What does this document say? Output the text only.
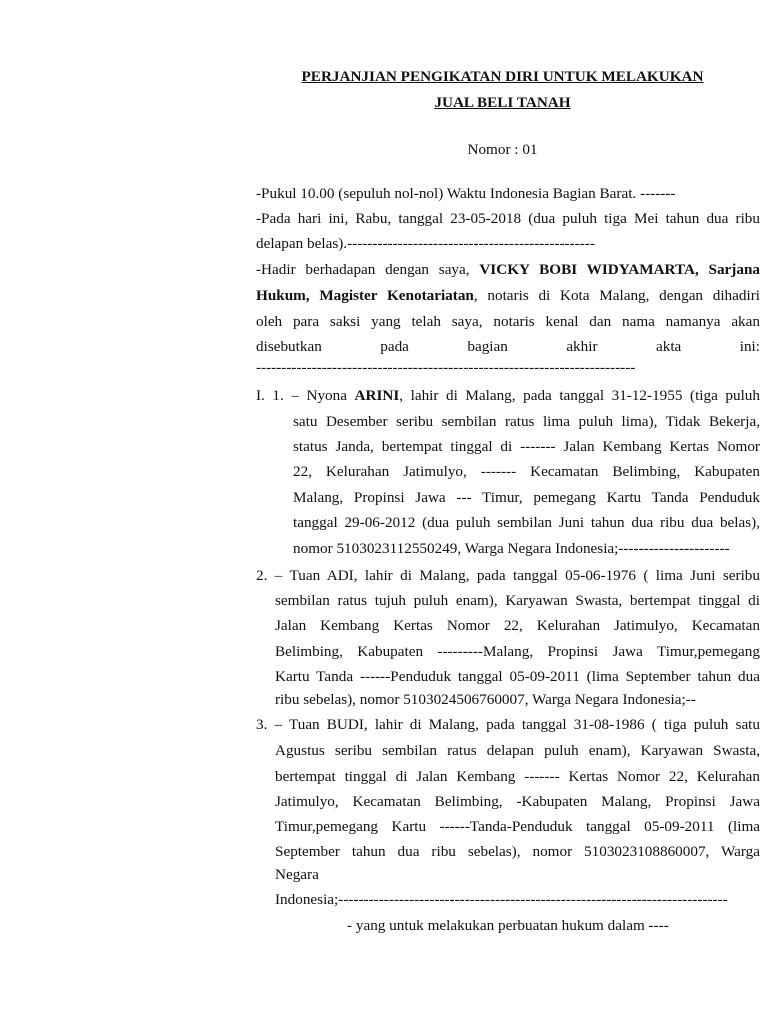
PERJANJIAN PENGIKATAN DIRI UNTUK MELAKUKAN
JUAL BELI TANAH
Nomor : 01
-Pukul 10.00 (sepuluh nol-nol) Waktu Indonesia Bagian Barat. -------
-Pada hari ini, Rabu, tanggal 23-05-2018 (dua puluh tiga Mei tahun dua ribu
delapan belas).-------------------------------------------------
-Hadir berhadapan dengan saya, VICKY BOBI WIDYAMARTA, Sarjana
Hukum, Magister Kenotariatan, notaris di Kota Malang, dengan dihadiri
oleh para saksi yang telah saya, notaris kenal dan nama namanya akan
disebutkan pada bagian akhir akta ini:
---------------------------------------------------------------------------
I. 1. – Nyona ARINI, lahir di Malang, pada tanggal 31-12-1955 (tiga puluh
satu Desember seribu sembilan ratus lima puluh lima), Tidak Bekerja,
status Janda, bertempat tinggal di ------- Jalan Kembang Kertas Nomor
22, Kelurahan Jatimulyo, ------- Kecamatan Belimbing, Kabupaten
Malang, Propinsi Jawa --- Timur, pemegang Kartu Tanda Penduduk
tanggal 29-06-2012 (dua puluh sembilan Juni tahun dua ribu dua belas),
nomor 5103023112550249, Warga Negara Indonesia;----------------------
2. – Tuan ADI, lahir di Malang, pada tanggal 05-06-1976 ( lima Juni seribu
sembilan ratus tujuh puluh enam), Karyawan Swasta, bertempat tinggal di
Jalan Kembang Kertas Nomor 22, Kelurahan Jatimulyo, Kecamatan
Belimbing, Kabupaten ---------Malang, Propinsi Jawa Timur,pemegang
Kartu Tanda ------Penduduk tanggal 05-09-2011 (lima September tahun dua
ribu sebelas), nomor 5103024506760007, Warga Negara Indonesia;--
3. – Tuan BUDI, lahir di Malang, pada tanggal 31-08-1986 ( tiga puluh satu
Agustus seribu sembilan ratus delapan puluh enam), Karyawan Swasta,
bertempat tinggal di Jalan Kembang ------- Kertas Nomor 22, Kelurahan
Jatimulyo, Kecamatan Belimbing, -Kabupaten Malang, Propinsi Jawa
Timur,pemegang Kartu ------Tanda-Penduduk tanggal 05-09-2011 (lima
September tahun dua ribu sebelas), nomor 5103023108860007, Warga
Negara
Indonesia;-----------------------------------------------------------------------------
- yang untuk melakukan perbuatan hukum dalam ----
